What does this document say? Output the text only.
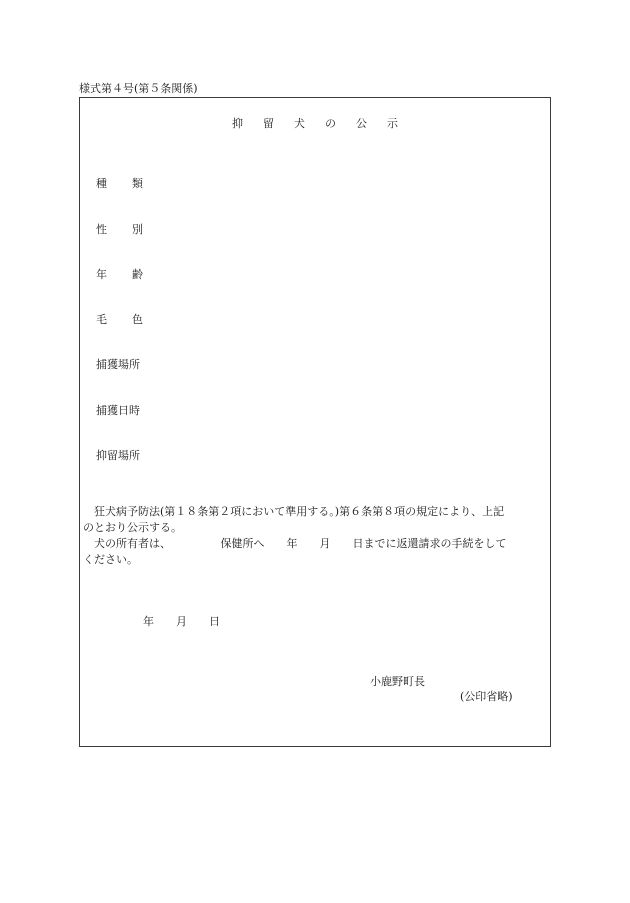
様式第４号(第５条関係)
抑留犬の公示
種類
性別
年齢
毛色
捕獲場所
捕獲日時
抑留場所
　狂犬病予防法(第１８条第２項において準用する。)第６条第８項の規定により、上記
のとおり公示する。
　犬の所有者は、　　　　　保健所へ　　年　　月　　日までに返還請求の手続をして
ください。
年　　月　　日
小鹿野町長
(公印省略)
